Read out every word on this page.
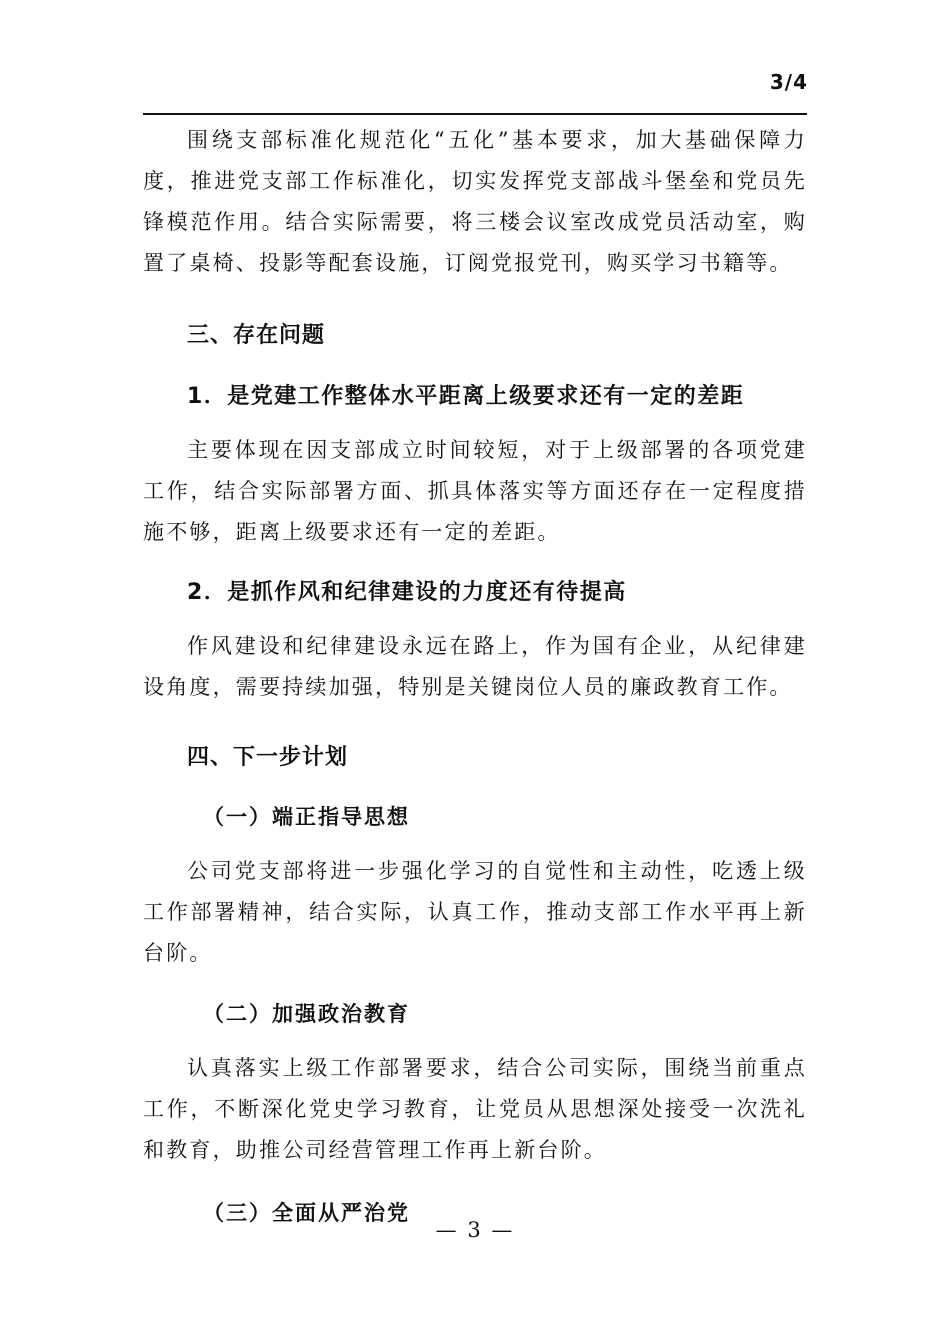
3/4

围绕支部标准化规范化“五化”基本要求，加大基础保障力度，推进党支部工作标准化，切实发挥党支部战斗堡垒和党员先锋模范作用。结合实际需要，将三楼会议室改成党员活动室，购置了桌椅、投影等配套设施，订阅党报党刊，购买学习书籍等。

三、存在问题
1．是党建工作整体水平距离上级要求还有一定的差距

主要体现在因支部成立时间较短，对于上级部署的各项党建工作，结合实际部署方面、抓具体落实等方面还存在一定程度措施不够，距离上级要求还有一定的差距。

2．是抓作风和纪律建设的力度还有待提高

作风建设和纪律建设永远在路上，作为国有企业，从纪律建设角度，需要持续加强，特别是关键岗位人员的廉政教育工作。

四、下一步计划
（一）端正指导思想

公司党支部将进一步强化学习的自觉性和主动性，吃透上级工作部署精神，结合实际，认真工作，推动支部工作水平再上新台阶。

（二）加强政治教育

认真落实上级工作部署要求，结合公司实际，围绕当前重点工作，不断深化党史学习教育，让党员从思想深处接受一次洗礼和教育，助推公司经营管理工作再上新台阶。

（三）全面从严治党
— 3 —
